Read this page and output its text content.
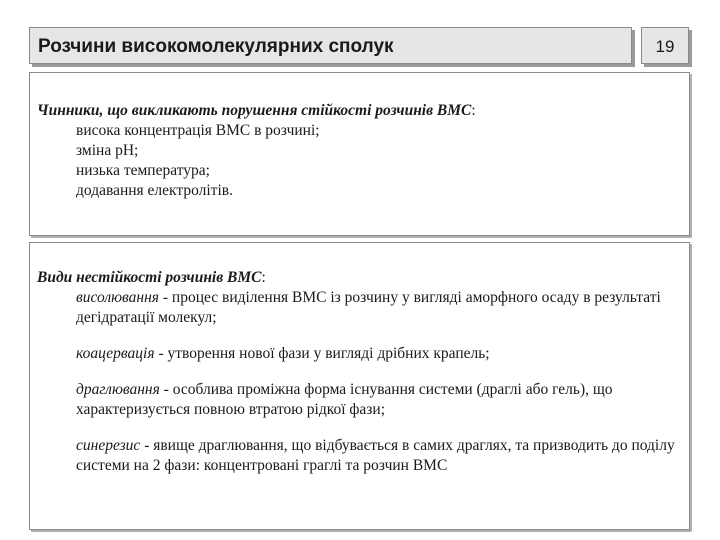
Розчини високомолекулярних сполук	19
Чинники, що викликають порушення стійкості розчинів ВМС:
висока концентрація ВМС в розчині;
зміна рН;
низька температура;
додавання електролітів.
Види нестійкості розчинів ВМС:
висолювання - процес виділення ВМС із розчину у вигляді аморфного осаду в результаті дегідратації молекул;
коацервація - утворення нової фази у вигляді дрібних крапель;
драглювання - особлива проміжна форма існування системи (драглі або гель), що характеризується повною втратою рідкої фази;
синерезис - явище драглювання, що відбувається в самих драглях, та призводить до поділу системи на 2 фази: концентровані граглі та розчин ВМС
